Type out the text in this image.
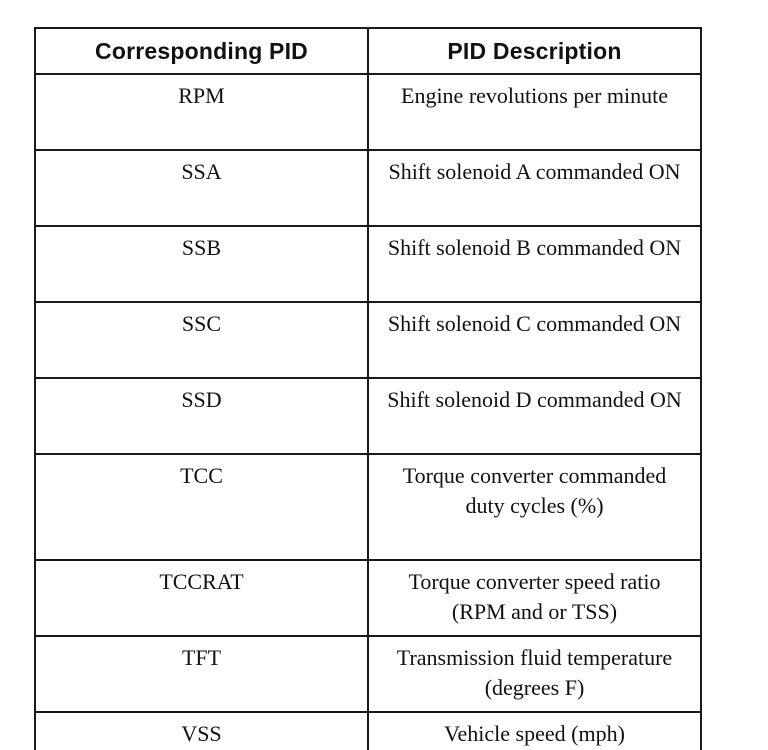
Corresponding PID	PID Description
RPM	Engine revolutions per minute
SSA	Shift solenoid A commanded ON
SSB	Shift solenoid B commanded ON
SSC	Shift solenoid C commanded ON
SSD	Shift solenoid D commanded ON
TCC	Torque converter commanded duty cycles (%)
TCCRAT	Torque converter speed ratio (RPM and or TSS)
TFT	Transmission fluid temperature (degrees F)
VSS	Vehicle speed (mph)
